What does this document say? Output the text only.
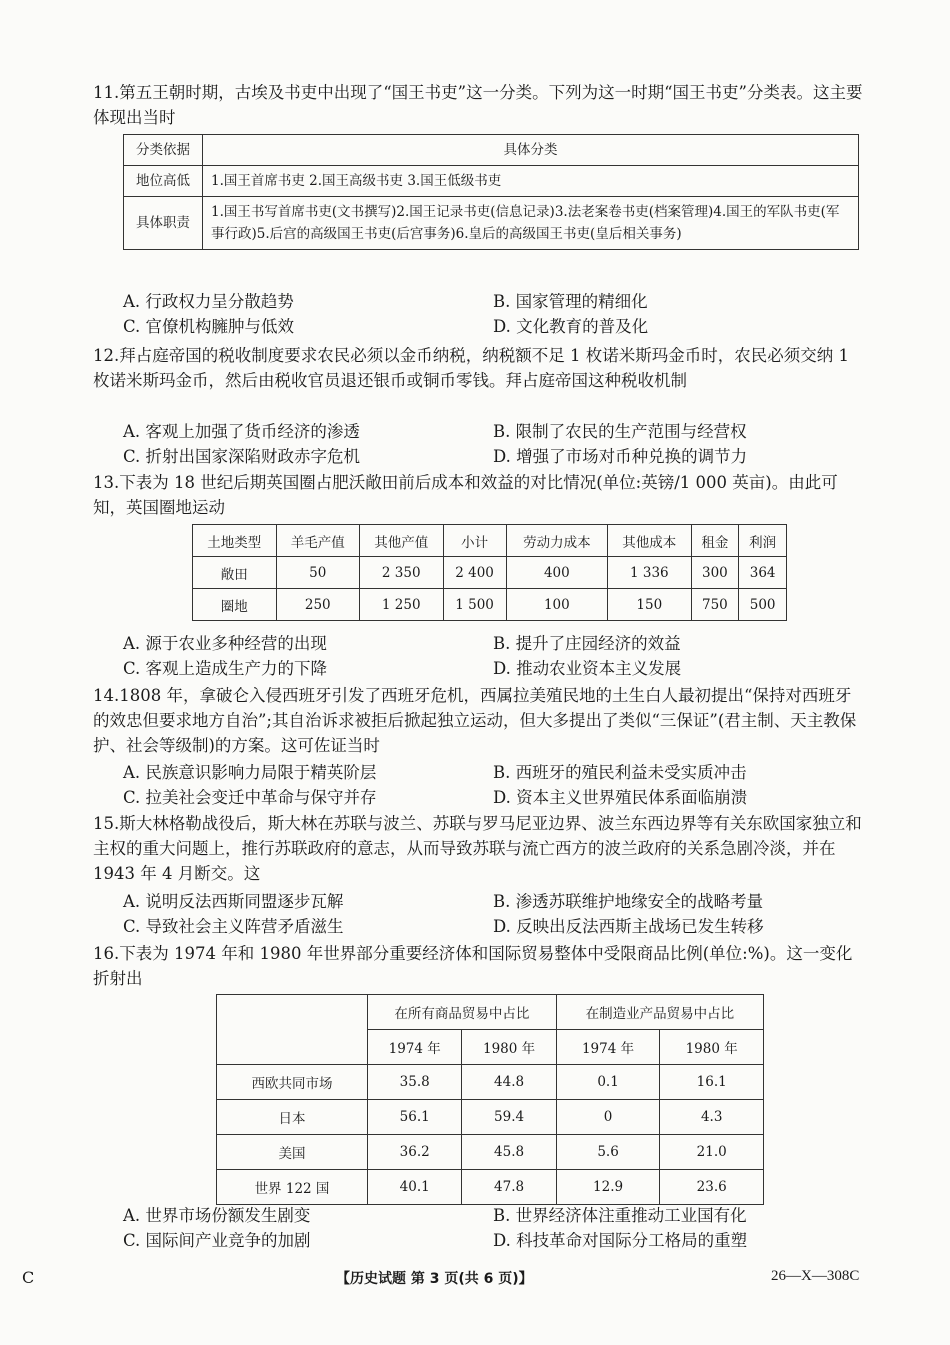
11.第五王朝时期，古埃及书吏中出现了“国王书吏”这一分类。下列为这一时期“国王书吏”分类表。这主要体现出当时
分类依据	具体分类
地位高低	1.国王首席书吏 2.国王高级书吏 3.国王低级书吏
具体职责	1.国王书写首席书吏(文书撰写)2.国王记录书吏(信息记录)3.法老案卷书吏(档案管理)4.国王的军队书吏(军事行政)5.后宫的高级国王书吏(后宫事务)6.皇后的高级国王书吏(皇后相关事务)
A. 行政权力呈分散趋势	B. 国家管理的精细化
C. 官僚机构臃肿与低效	D. 文化教育的普及化
12.拜占庭帝国的税收制度要求农民必须以金币纳税，纳税额不足 1 枚诺米斯玛金币时，农民必须交纳 1 枚诺米斯玛金币，然后由税收官员退还银币或铜币零钱。拜占庭帝国这种税收机制
A. 客观上加强了货币经济的渗透	B. 限制了农民的生产范围与经营权
C. 折射出国家深陷财政赤字危机	D. 增强了市场对币种兑换的调节力
13.下表为 18 世纪后期英国圈占肥沃敞田前后成本和效益的对比情况(单位:英镑/1 000 英亩)。由此可知，英国圈地运动
土地类型	羊毛产值	其他产值	小计	劳动力成本	其他成本	租金	利润
敞田	50	2 350	2 400	400	1 336	300	364
圈地	250	1 250	1 500	100	150	750	500
A. 源于农业多种经营的出现	B. 提升了庄园经济的效益
C. 客观上造成生产力的下降	D. 推动农业资本主义发展
14.1808 年，拿破仑入侵西班牙引发了西班牙危机，西属拉美殖民地的土生白人最初提出“保持对西班牙的效忠但要求地方自治”;其自治诉求被拒后掀起独立运动，但大多提出了类似“三保证”(君主制、天主教保护、社会等级制)的方案。这可佐证当时
A. 民族意识影响力局限于精英阶层	B. 西班牙的殖民利益未受实质冲击
C. 拉美社会变迁中革命与保守并存	D. 资本主义世界殖民体系面临崩溃
15.斯大林格勒战役后，斯大林在苏联与波兰、苏联与罗马尼亚边界、波兰东西边界等有关东欧国家独立和主权的重大问题上，推行苏联政府的意志，从而导致苏联与流亡西方的波兰政府的关系急剧冷淡，并在 1943 年 4 月断交。这
A. 说明反法西斯同盟逐步瓦解	B. 渗透苏联维护地缘安全的战略考量
C. 导致社会主义阵营矛盾滋生	D. 反映出反法西斯主战场已发生转移
16.下表为 1974 年和 1980 年世界部分重要经济体和国际贸易整体中受限商品比例(单位:%)。这一变化折射出
	在所有商品贸易中占比		在制造业产品贸易中占比	
	1974 年	1980 年	1974 年	1980 年
西欧共同市场	35.8	44.8	0.1	16.1
日本	56.1	59.4	0	4.3
美国	36.2	45.8	5.6	21.0
世界 122 国	40.1	47.8	12.9	23.6
A. 世界市场份额发生剧变	B. 世界经济体注重推动工业国有化
C. 国际间产业竞争的加剧	D. 科技革命对国际分工格局的重塑
C	【历史试题 第 3 页(共 6 页)】	26—X—308C
